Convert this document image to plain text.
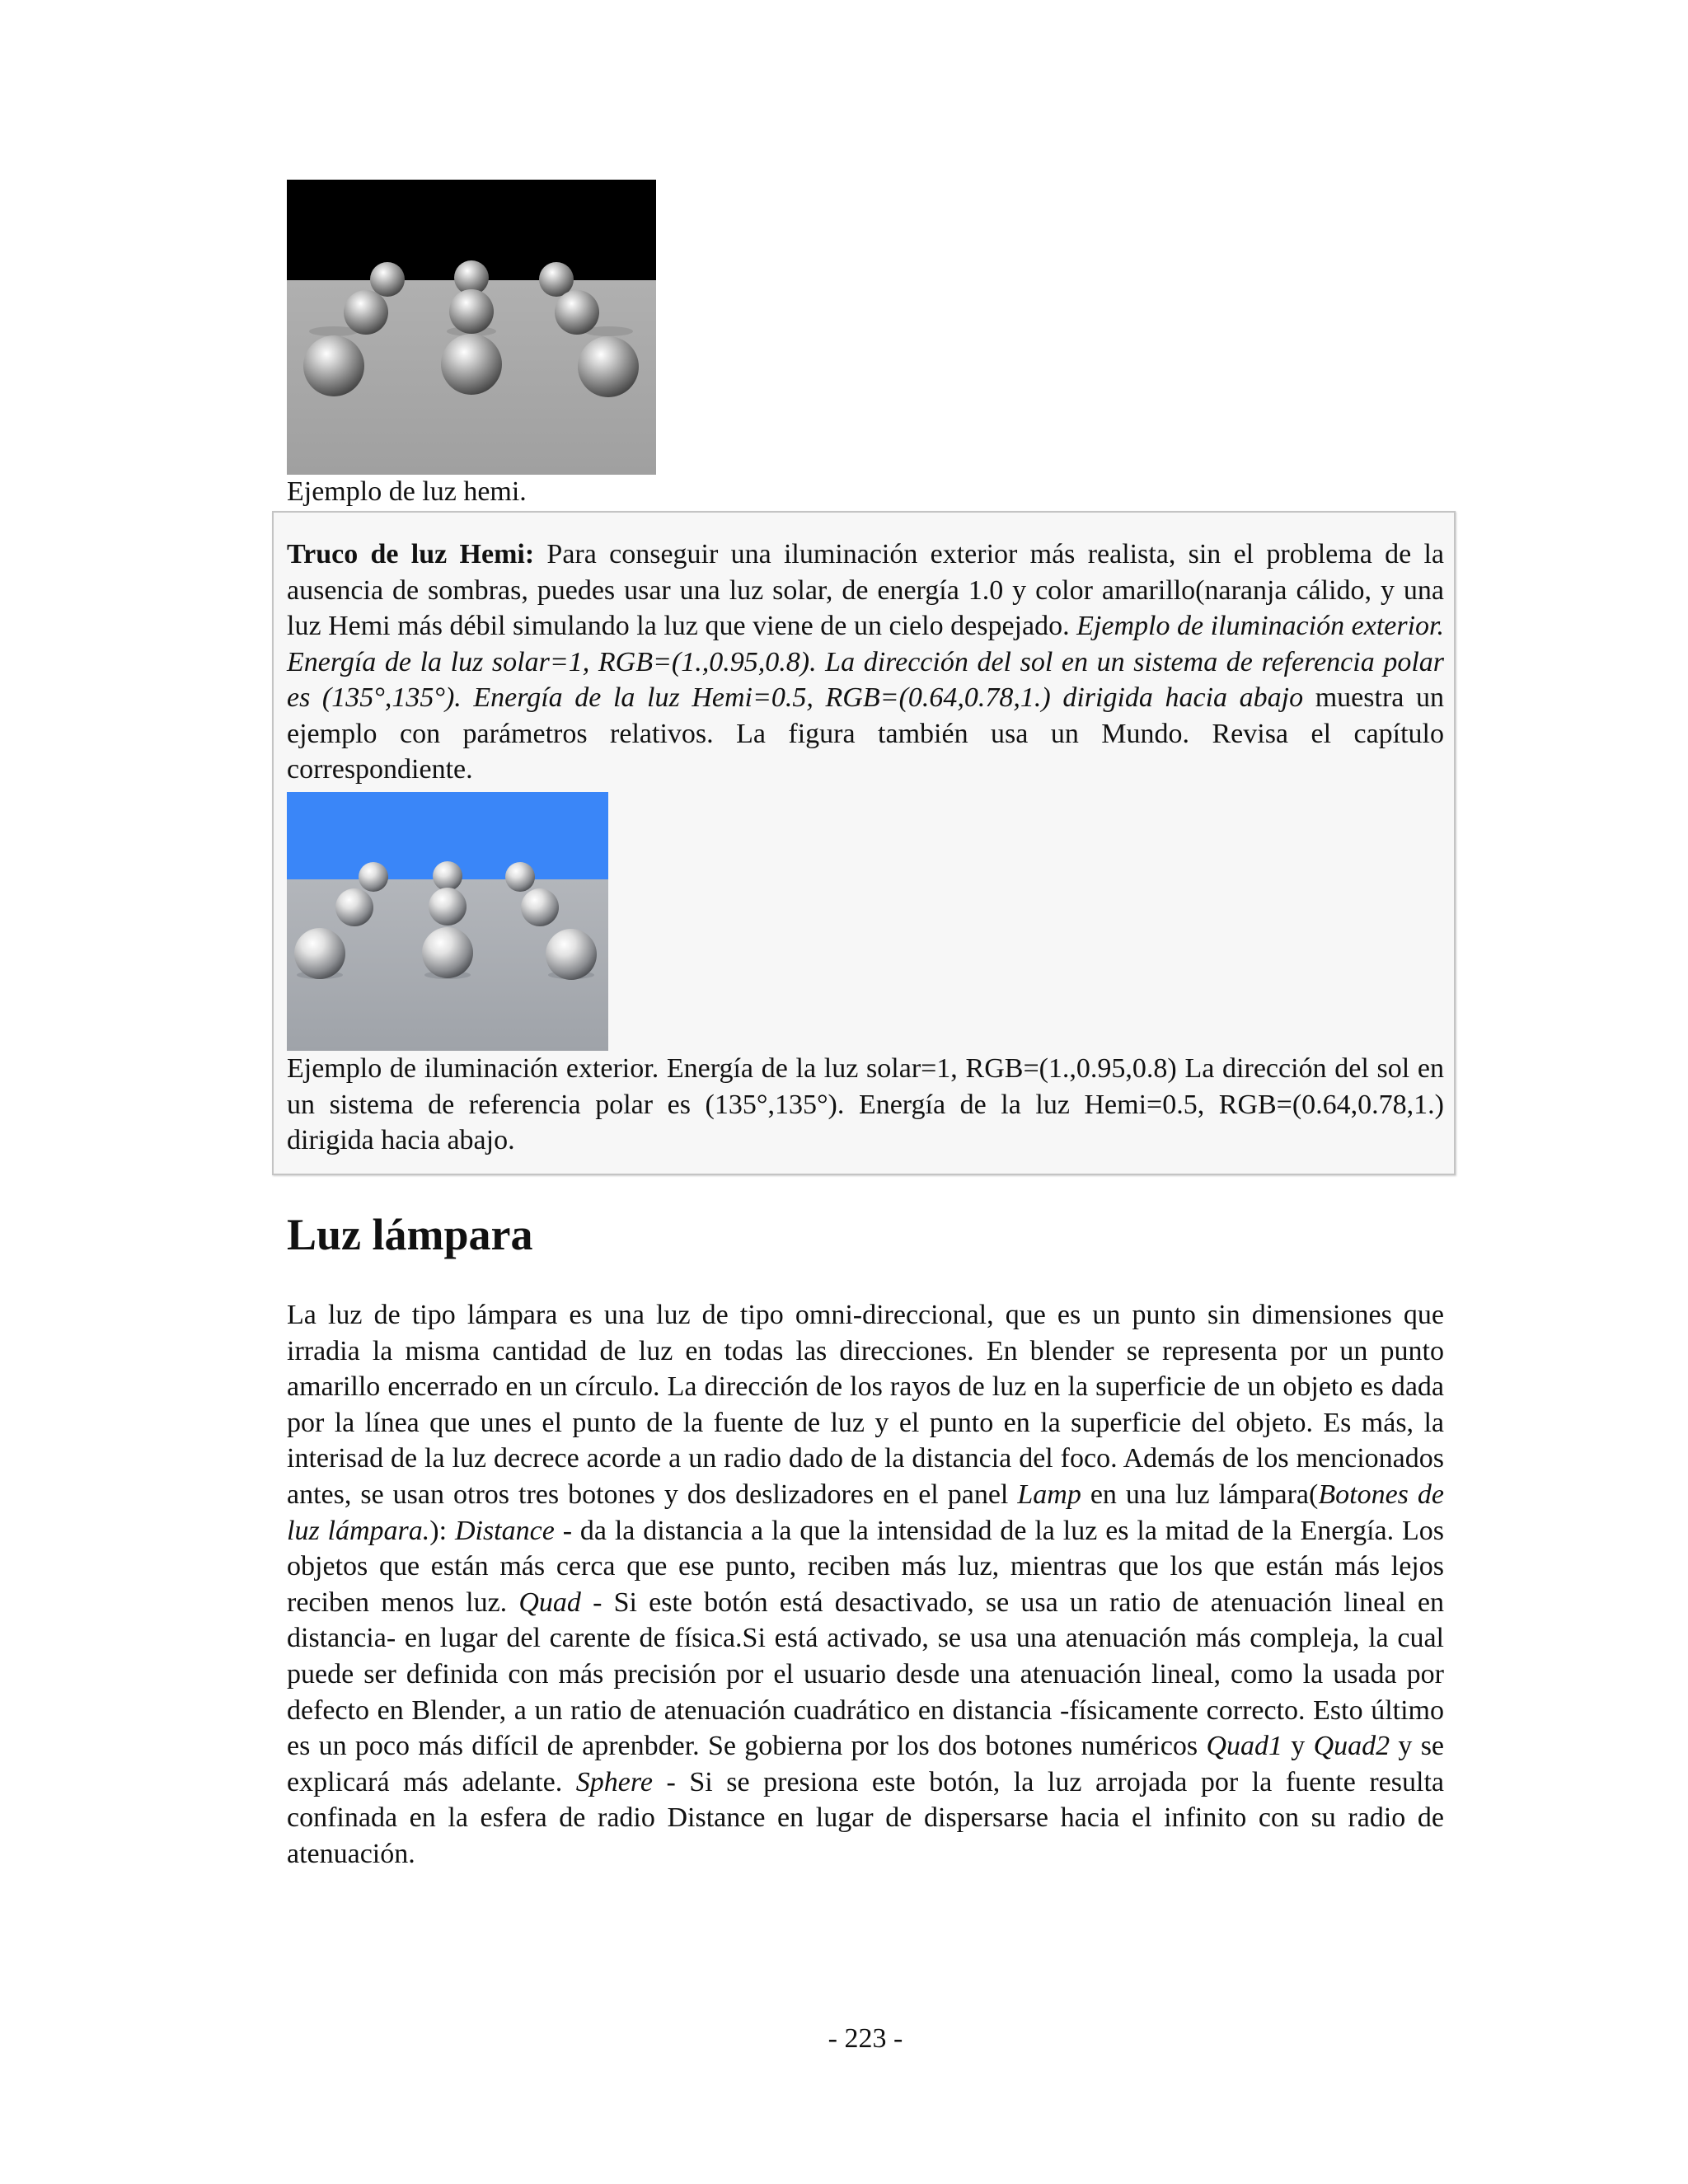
Ejemplo de luz hemi.

Truco de luz Hemi: Para conseguir una iluminación exterior más realista, sin el problema de la ausencia de sombras, puedes usar una luz solar, de energía 1.0 y color amarillo(naranja cálido, y una luz Hemi más débil simulando la luz que viene de un cielo despejado. Ejemplo de iluminación exterior. Energía de la luz solar=1, RGB=(1.,0.95,0.8). La dirección del sol en un sistema de referencia polar es (135°,135°). Energía de la luz Hemi=0.5, RGB=(0.64,0.78,1.) dirigida hacia abajo muestra un ejemplo con parámetros relativos. La figura también usa un Mundo. Revisa el capítulo correspondiente.

Ejemplo de iluminación exterior. Energía de la luz solar=1, RGB=(1.,0.95,0.8) La dirección del sol en un sistema de referencia polar es (135°,135°). Energía de la luz Hemi=0.5, RGB=(0.64,0.78,1.) dirigida hacia abajo.

Luz lámpara

La luz de tipo lámpara es una luz de tipo omni-direccional, que es un punto sin dimensiones que irradia la misma cantidad de luz en todas las direcciones. En blender se representa por un punto amarillo encerrado en un círculo. La dirección de los rayos de luz en la superficie de un objeto es dada por la línea que unes el punto de la fuente de luz y el punto en la superficie del objeto. Es más, la interisad de la luz decrece acorde a un radio dado de la distancia del foco. Además de los mencionados antes, se usan otros tres botones y dos deslizadores en el panel Lamp en una luz lámpara(Botones de luz lámpara.): Distance - da la distancia a la que la intensidad de la luz es la mitad de la Energía. Los objetos que están más cerca que ese punto, reciben más luz, mientras que los que están más lejos reciben menos luz. Quad - Si este botón está desactivado, se usa un ratio de atenuación lineal en distancia- en lugar del carente de física.Si está activado, se usa una atenuación más compleja, la cual puede ser definida con más precisión por el usuario desde una atenuación lineal, como la usada por defecto en Blender, a un ratio de atenuación cuadrático en distancia -físicamente correcto. Esto último es un poco más difícil de aprenbder. Se gobierna por los dos botones numéricos Quad1 y Quad2 y se explicará más adelante. Sphere - Si se presiona este botón, la luz arrojada por la fuente resulta confinada en la esfera de radio Distance en lugar de dispersarse hacia el infinito con su radio de atenuación.

- 223 -
